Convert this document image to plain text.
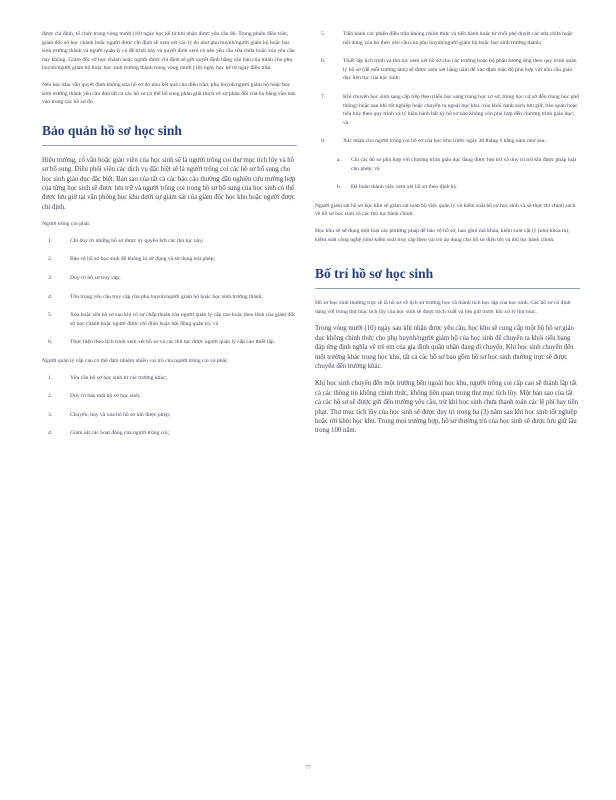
được chỉ định, tổ chức trong vòng mười (10) ngày học kể từ khi nhận được yêu cầu đó. Trong phiên điều trần, giám đốc sở học chánh hoặc người được chỉ định sẽ xem xét các lý do như phụ huynh/người giám hộ hoặc học sinh trưởng thành và người quản lý có đề trình bày và quyết định xem có nên yêu cầu sửa chữa hoặc xóa yêu cầu hay không. Giám đốc sở học chánh hoặc người được chỉ định sẽ gửi quyết định bằng văn bản của mình cho phụ huynh/người giám hộ hoặc học sinh trưởng thành trong vòng mười (10) ngày học kể từ ngày điều trần.

Nếu học khu vẫn quyết định không sửa hồ sơ do nhu kết quả của điều trần, phụ huynh/người giám hộ hoặc học sinh trưởng thành yêu cầu đưa tất cả các hồ sơ có thể bổ sung phản giải thích về sự phản đối của họ bằng văn bản vào trong các hồ sơ đó.

Bảo quản hồ sơ học sinh

Hiệu trưởng, cố vấn hoặc giáo viên của học sinh sẽ là người trông coi thư mục tích lũy và hồ sơ bổ sung. Điều phối viên các dịch vụ đặc biệt sẽ là người trông coi các hồ sơ bổ sung cho học sinh giáo dục đặc biệt. Bản sao của tất cả các báo cáo thường dẫn nghiên cứu trường hợp của từng học sinh sẽ được lưu trữ và người trông coi trong hồ sơ bổ sung của học sinh có thể được lưu giữ tại văn phòng học khu dưới sự giám sát của giám đốc học khu hoặc người được chỉ định.

Người trông coi phải:

1.	Chỉ duy trì những hồ sơ được ủy quyền bởi các thủ tục này;
2.	Bảo vệ hồ sơ học sinh để không bị sử dụng và sử dụng trái phép;
3.	Duy trì hồ sơ truy cập;
4.	Tôn trọng yêu cầu truy cập của phụ huynh/người giám hộ hoặc học sinh trưởng thành;
5.	Xóa hoặc sửa hồ sơ sau khi có sự chấp thuận của người quản lý cấp cao hoặc theo lệnh của giám đốc sở học chánh hoặc người được chỉ định hoặc hội đồng quản trị; và
6.	Thực hiện theo lịch trình xem xét hồ sơ và các thủ tục được người quản lý cấp cao thiết lập.

Người quản lý cấp cao có thể đảm nhiệm nhiều vai trò của người trông coi và phải:

1.	Yêu cầu hồ sơ học sinh từ các trường khác;
2.	Duy trì bảo mật hồ sơ học sinh;
3.	Chuyển, hủy và xóa bỏ hồ sơ khi được phép;
4.	Giám sát các hoạt động của người trông coi;
5.	Tiến hành các phiên điều trần không chính thức và tiến hành hoặc từ chối phê duyệt các sửa chữa hoặc nội dung xóa bỏ theo yêu cầu của phụ huynh/người giám hộ hoặc học sinh trưởng thành;
6.	Thiết lập lịch trình và thủ tục xem xét hồ sơ cho các trường hoặc bộ phận tương ứng theo quy trình quản lý hồ sơ (để mỗi trường tâm) sẽ được xem xét hằng năm để xác định mặc độ phù hợp với nhu cầu giáo dục liên tục của học sinh;
7.	Khi chuyển học sinh sang cấp tiếp theo (tiểu học sang trung học cơ sở, trung học cơ sở đến trung học phổ thông) hoặc sau khi tốt nghiệp hoặc chuyển ra ngoài học khu, xóa khỏi danh sách lưu giữ, bảo quản hoặc tiêu hủy theo quy trình và lý hiện hành bất kỳ hồ sơ nào không còn phù hợp đến chương trình giáo dục; và
8.	Xác nhận cho người trông coi hồ sơ của học khu trước ngày 30 tháng 6 hằng năm như sau:
a.	Chi các hồ sơ phù hợp với chương trình giáo dục đang được lưu trữ và duy trì trừ khi được pháp luật cho phép; và
b.	Đã hoàn thành việc xem xét hồ sơ theo định kỳ.

Người giám sát hồ sơ học khu sẽ giám sát toàn bộ việc quản lý và kiểm soát hồ sơ học sinh và sẽ thực thi chính sách về hồ sơ học sinh và các thủ tục hành chính.

Học khu sẽ sử dụng một loại các phương pháp để bảo vệ hồ sơ, bao gồm mã khóa, kiểm soát vật lý (như khóa tủ), kiểm soát công nghệ (như kiểm soát truy cập theo vai trò áp dụng cho hồ sơ điện tử) và thủ tục hành chính.

Bố trí hồ sơ học sinh

Hồ sơ học sinh thường trực sẽ là hồ sơ về lịch sử trường học và thành tích học tập của học sinh. Các hồ sơ có định dạng với trong thư mục tích lũy của học sinh sẽ được trích xuất và lưu giữ trước khi xử lý thư mục.

Trong vòng mười (10) ngày sau khi nhận được yêu cầu, học khu sẽ cung cấp một bộ hồ sơ giáo dục không chính thức cho phụ huynh/người giám hộ của học sinh để chuyển ra khỏi tiểu bang đáp ứng định nghĩa về trẻ em của gia đình quân nhân đang di chuyển. Khi học sinh chuyển đến một trường khác trong học khu, tất cả các hồ sơ bao gồm hồ sơ học sinh thường trực sẽ được chuyển đến trường khác.

Khi học sinh chuyển đến một trường bên ngoài học khu, người trông coi cấp cao sẽ thành lập tất cả các thông tin không chính thức, không liên quan trong thư mục tích lũy. Một bản sao của tất cả các hồ sơ sẽ được gửi đến trường yêu cầu, trừ khi học sinh chưa thanh toán các lệ phí hay tiền phạt. Thư mục tích lũy của học sinh sẽ được duy trì trong ba (3) năm sau khi học sinh tốt nghiệp hoặc rời khỏi học khu. Trong mọi trường hợp, hồ sơ thường trú của học sinh sẽ được lưu giữ lâu trong 100 năm.

77
